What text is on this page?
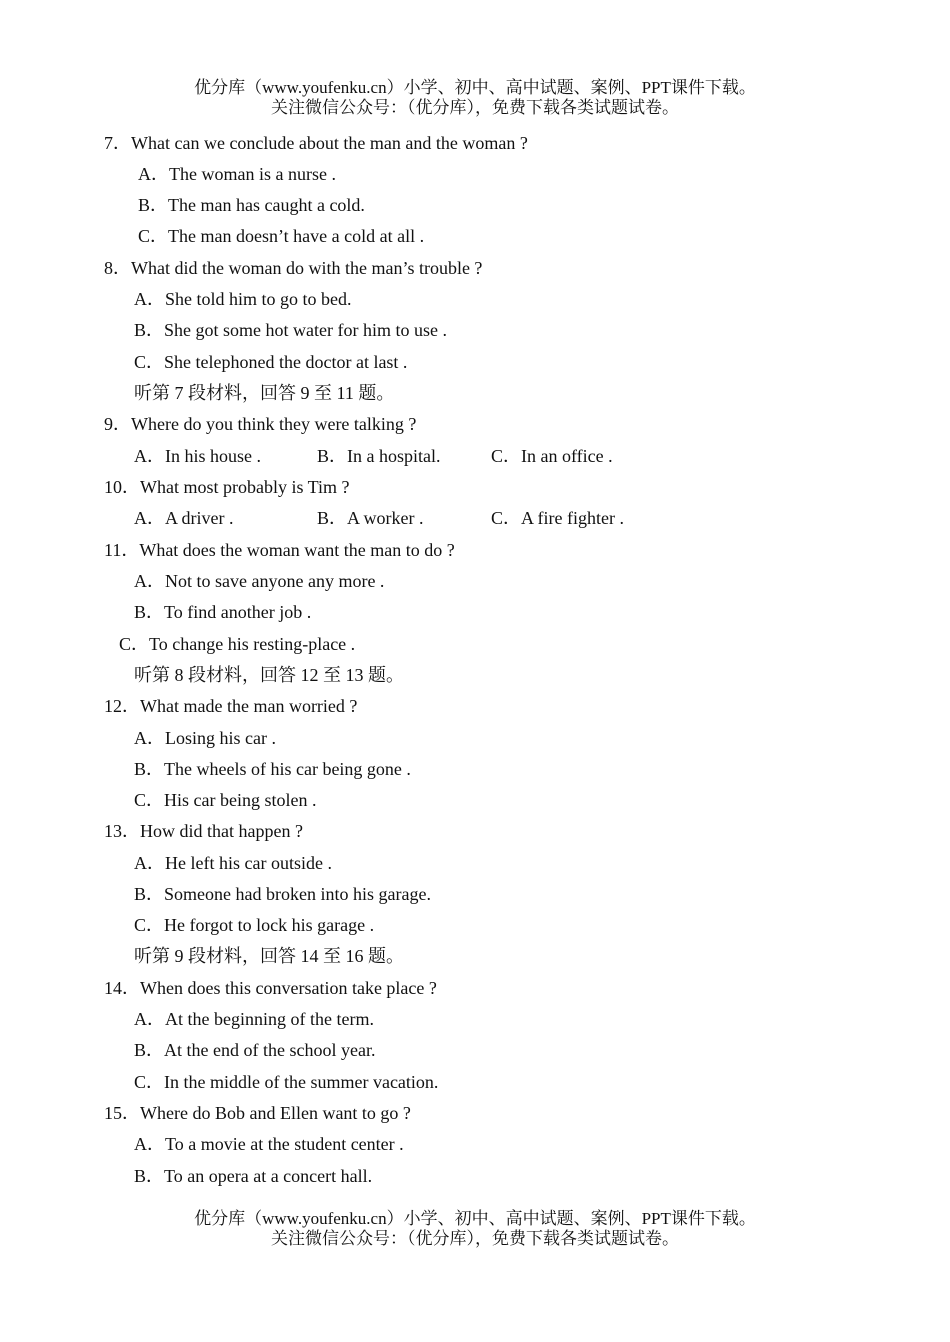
优分库（www.youfenku.cn）小学、初中、高中试题、案例、PPT课件下载。
关注微信公众号：（优分库），免费下载各类试题试卷。
7．What can we conclude about the man and the woman ?
A．The woman is a nurse .
B．The man has caught a cold.
C．The man doesn’t have a cold at all .
8．What did the woman do with the man’s trouble ?
A．She told him to go to bed.
B．She got some hot water for him to use .
C．She telephoned the doctor at last .
听第 7 段材料，回答 9 至 11 题。
9．Where do you think they were talking ?
A．In his house .	B．In a hospital.	C．In an office .
10．What most probably is Tim ?
A．A driver .	B．A worker .	C．A fire fighter .
11．What does the woman want the man to do ?
A．Not to save anyone any more .
B．To find another job .
C．To change his resting-place .
听第 8 段材料，回答 12 至 13 题。
12．What made the man worried ?
A．Losing his car .
B．The wheels of his car being gone .
C．His car being stolen .
13．How did that happen ?
A．He left his car outside .
B．Someone had broken into his garage.
C．He forgot to lock his garage .
听第 9 段材料，回答 14 至 16 题。
14．When does this conversation take place ?
A．At the beginning of the term.
B．At the end of the school year.
C．In the middle of the summer vacation.
15．Where do Bob and Ellen want to go ?
A．To a movie at the student center .
B．To an opera at a concert hall.
优分库（www.youfenku.cn）小学、初中、高中试题、案例、PPT课件下载。
关注微信公众号：（优分库），免费下载各类试题试卷。
